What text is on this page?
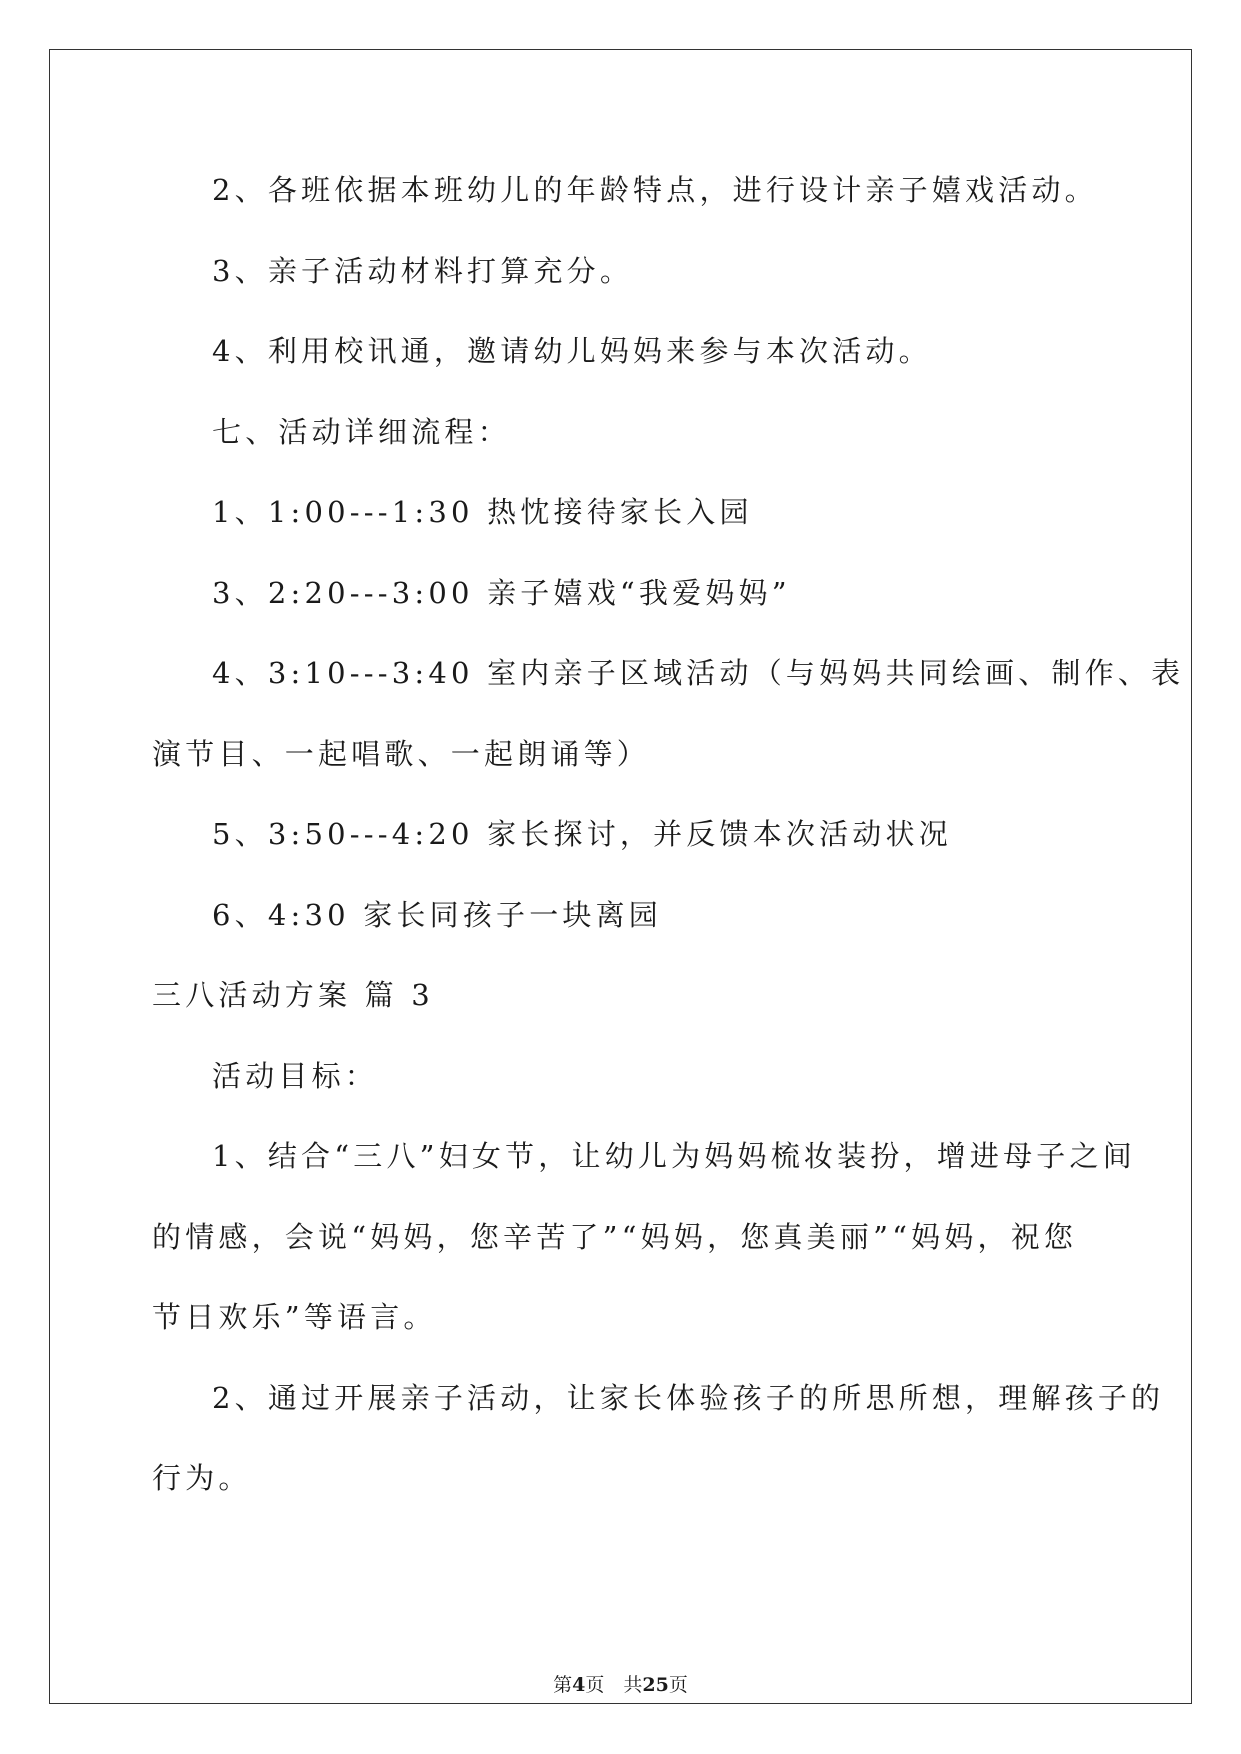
2、各班依据本班幼儿的年龄特点，进行设计亲子嬉戏活动。
3、亲子活动材料打算充分。
4、利用校讯通，邀请幼儿妈妈来参与本次活动。
七、活动详细流程：
1、1:00---1:30 热忱接待家长入园
3、2:20---3:00 亲子嬉戏“我爱妈妈”
4、3:10---3:40 室内亲子区域活动（与妈妈共同绘画、制作、表
演节目、一起唱歌、一起朗诵等）
5、3:50---4:20 家长探讨，并反馈本次活动状况
6、4:30 家长同孩子一块离园
三八活动方案 篇 3
活动目标：
1、结合“三八”妇女节，让幼儿为妈妈梳妆装扮，增进母子之间
的情感，会说“妈妈，您辛苦了”“妈妈，您真美丽”“妈妈，祝您
节日欢乐”等语言。
2、通过开展亲子活动，让家长体验孩子的所思所想，理解孩子的
行为。
第4页　共25页
